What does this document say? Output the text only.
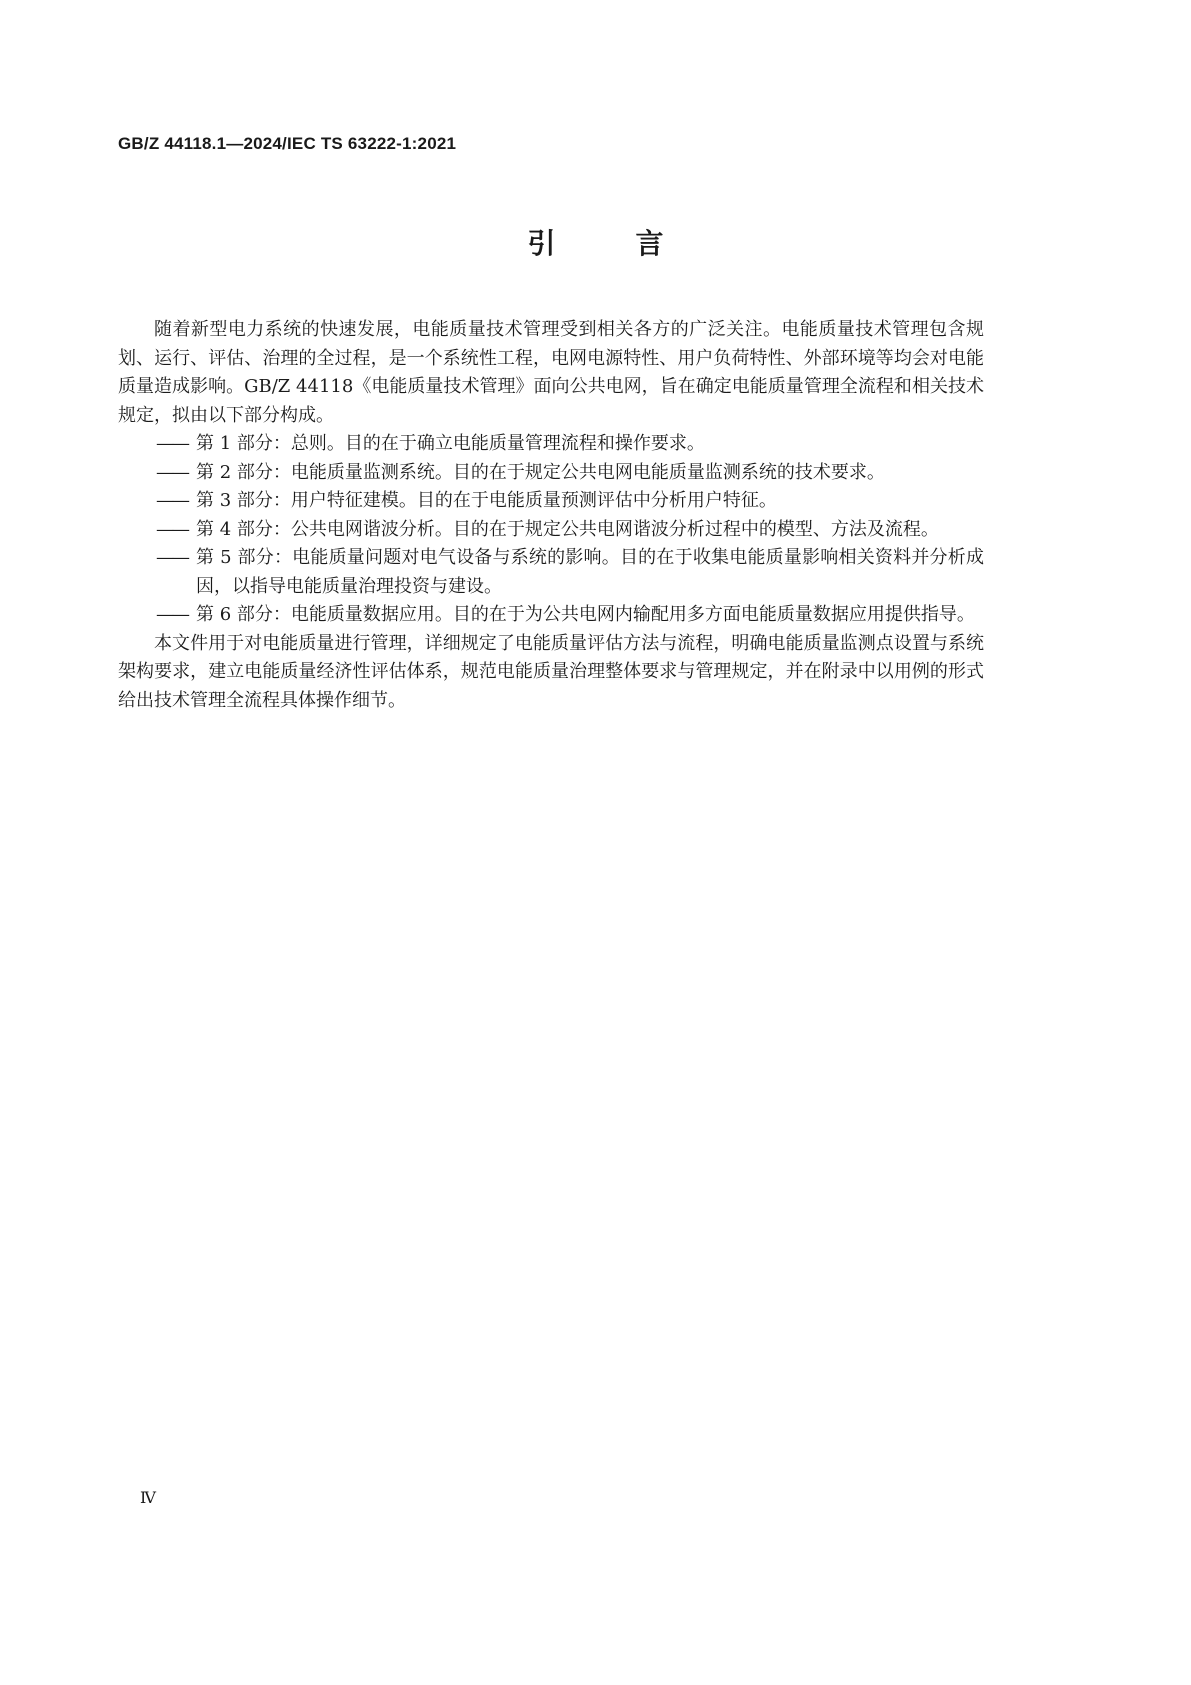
GB/Z 44118.1—2024/IEC TS 63222-1:2021
引	言

随着新型电力系统的快速发展，电能质量技术管理受到相关各方的广泛关注。电能质量技术管理包含规划、运行、评估、治理的全过程，是一个系统性工程，电网电源特性、用户负荷特性、外部环境等均会对电能质量造成影响。GB/Z 44118《电能质量技术管理》面向公共电网，旨在确定电能质量管理全流程和相关技术规定，拟由以下部分构成。

—— 第 1 部分：总则。目的在于确立电能质量管理流程和操作要求。
—— 第 2 部分：电能质量监测系统。目的在于规定公共电网电能质量监测系统的技术要求。
—— 第 3 部分：用户特征建模。目的在于电能质量预测评估中分析用户特征。
—— 第 4 部分：公共电网谐波分析。目的在于规定公共电网谐波分析过程中的模型、方法及流程。
—— 第 5 部分：电能质量问题对电气设备与系统的影响。目的在于收集电能质量影响相关资料并分析成因，以指导电能质量治理投资与建设。
—— 第 6 部分：电能质量数据应用。目的在于为公共电网内输配用多方面电能质量数据应用提供指导。

本文件用于对电能质量进行管理，详细规定了电能质量评估方法与流程，明确电能质量监测点设置与系统架构要求，建立电能质量经济性评估体系，规范电能质量治理整体要求与管理规定，并在附录中以用例的形式给出技术管理全流程具体操作细节。

Ⅳ
